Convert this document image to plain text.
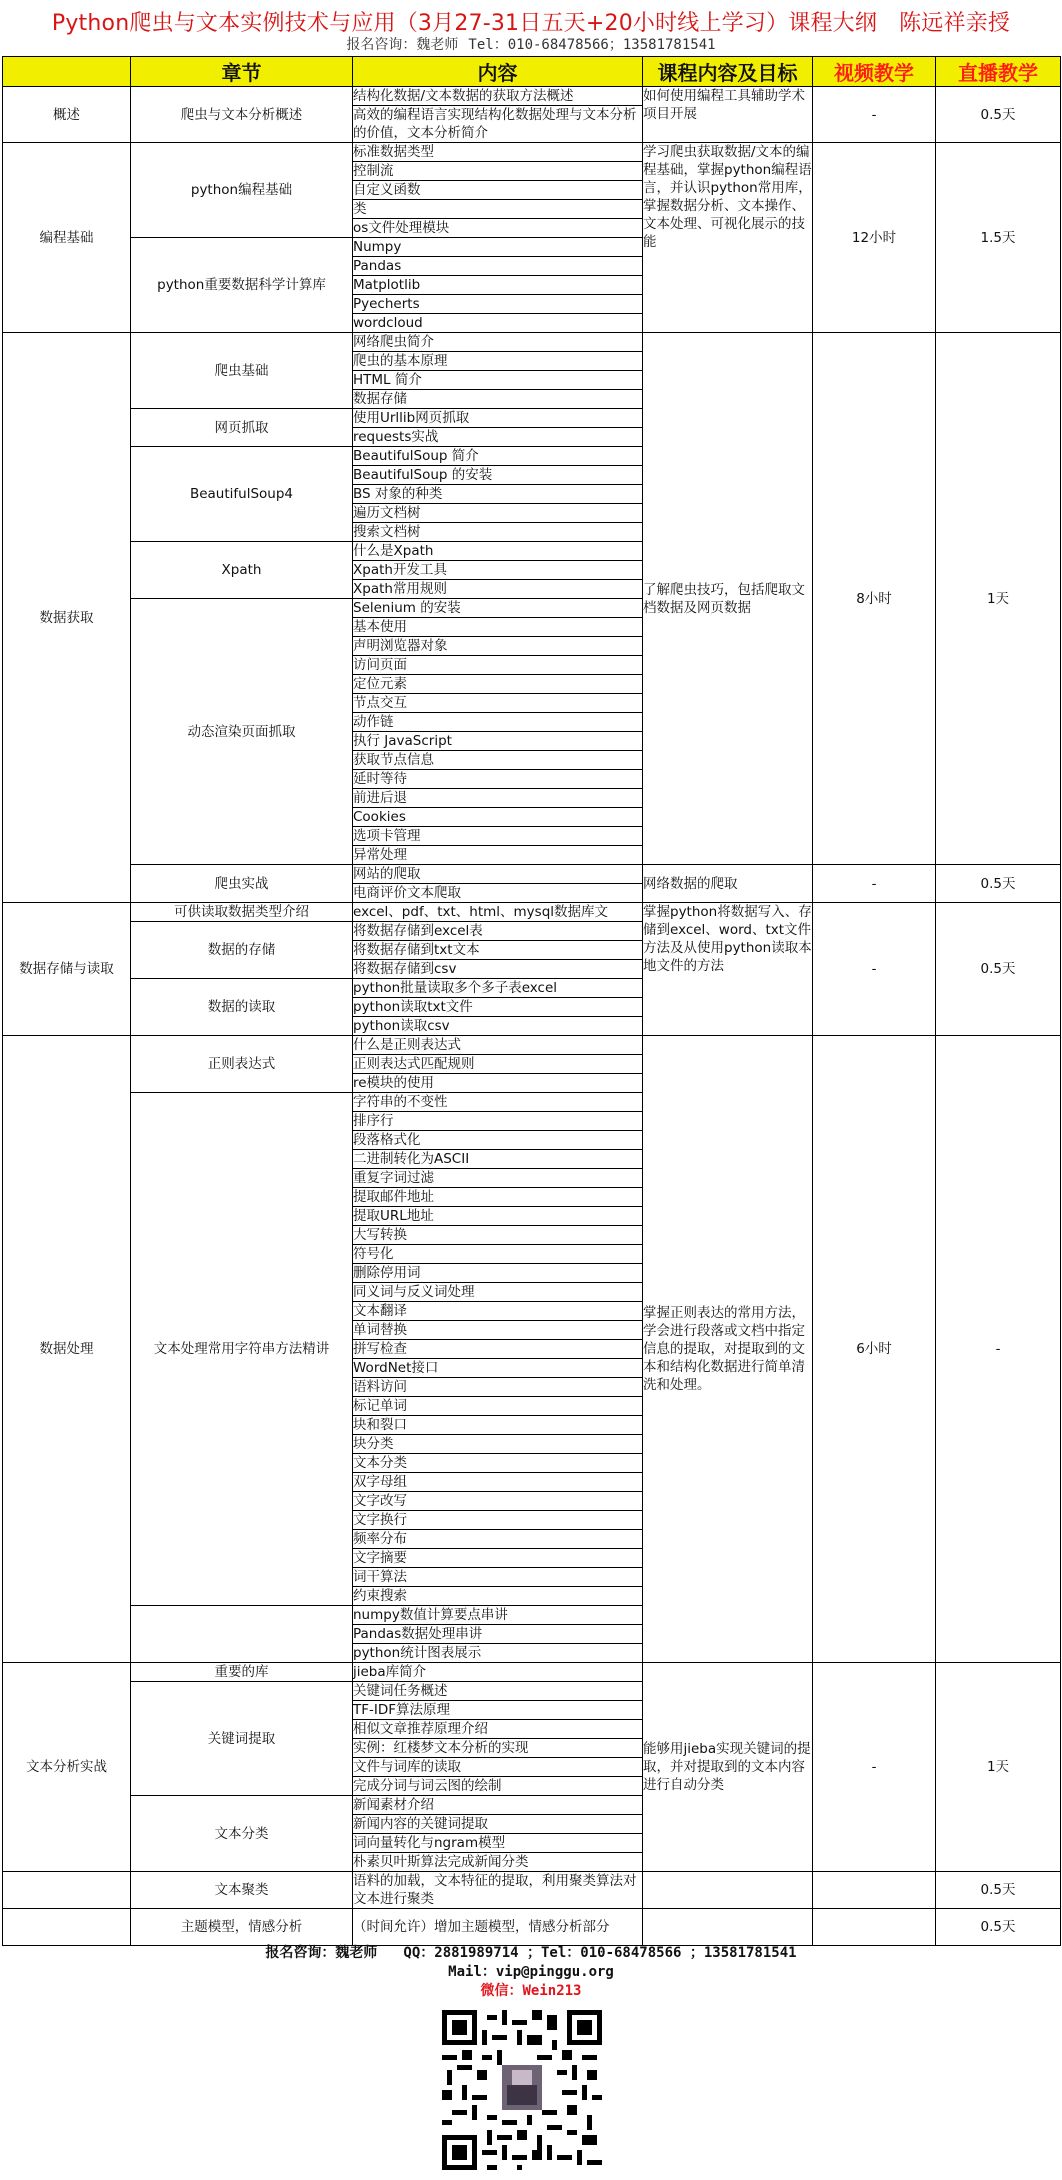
Python爬虫与文本实例技术与应用（3月27-31日五天+20小时线上学习）课程大纲 陈远祥亲授
报名咨询：魏老师 Tel：010-68478566；13581781541
	章节	内容	课程内容及目标	视频教学	直播教学
概述	爬虫与文本分析概述	结构化数据/文本数据的获取方法概述	如何使用编程工具辅助学术项目开展	-	0.5天
		高效的编程语言实现结构化数据处理与文本分析的价值，文本分析简介			
编程基础	python编程基础	标准数据类型	学习爬虫获取数据/文本的编程基础，掌握python编程语言，并认识python常用库，掌握数据分析、文本操作、文本处理、可视化展示的技能	12小时	1.5天
		控制流			
		自定义函数			
		类			
		os文件处理模块			
	python重要数据科学计算库	Numpy			
		Pandas			
		Matplotlib			
		Pyecherts			
		wordcloud			
数据获取	爬虫基础	网络爬虫简介	了解爬虫技巧，包括爬取文档数据及网页数据	8小时	1天
		爬虫的基本原理			
		HTML 简介			
		数据存储			
	网页抓取	使用Urllib网页抓取			
		requests实战			
	BeautifulSoup4	BeautifulSoup 简介			
		BeautifulSoup 的安装			
		BS 对象的种类			
		遍历文档树			
		搜索文档树			
	Xpath	什么是Xpath			
		Xpath开发工具			
		Xpath常用规则			
	动态渲染页面抓取	Selenium 的安装			
		基本使用			
		声明浏览器对象			
		访问页面			
		定位元素			
		节点交互			
		动作链			
		执行 JavaScript			
		获取节点信息			
		延时等待			
		前进后退			
		Cookies			
		选项卡管理			
		异常处理			
	爬虫实战	网站的爬取	网络数据的爬取	-	0.5天
		电商评价文本爬取			
数据存储与读取	可供读取数据类型介绍	excel、pdf、txt、html、mysql数据库文	掌握python将数据写入、存储到excel、word、txt文件方法及从使用python读取本地文件的方法	-	0.5天
	数据的存储	将数据存储到excel表			
		将数据存储到txt文本			
		将数据存储到csv			
	数据的读取	python批量读取多个多子表excel			
		python读取txt文件			
		python读取csv			
数据处理	正则表达式	什么是正则表达式	掌握正则表达的常用方法，学会进行段落或文档中指定信息的提取，对提取到的文本和结构化数据进行简单清洗和处理。	6小时	-
		正则表达式匹配规则			
		re模块的使用			
	文本处理常用字符串方法精讲	字符串的不变性			
		排序行			
		段落格式化			
		二进制转化为ASCII			
		重复字词过滤			
		提取邮件地址			
		提取URL地址			
		大写转换			
		符号化			
		删除停用词			
		同义词与反义词处理			
		文本翻译			
		单词替换			
		拼写检查			
		WordNet接口			
		语料访问			
		标记单词			
		块和裂口			
		块分类			
		文本分类			
		双字母组			
		文字改写			
		文字换行			
		频率分布			
		文字摘要			
		词干算法			
		约束搜索			
		numpy数值计算要点串讲			
		Pandas数据处理串讲			
		python统计图表展示			
文本分析实战	重要的库	jieba库简介	能够用jieba实现关键词的提取，并对提取到的文本内容进行自动分类	-	1天
	关键词提取	关键词任务概述			
		TF-IDF算法原理			
		相似文章推荐原理介绍			
		实例：红楼梦文本分析的实现			
		文件与词库的读取			
		完成分词与词云图的绘制			
	文本分类	新闻素材介绍			
		新闻内容的关键词提取			
		词向量转化与ngram模型			
		朴素贝叶斯算法完成新闻分类			
	文本聚类	语料的加载，文本特征的提取，利用聚类算法对文本进行聚类			0.5天
	主题模型，情感分析	（时间允许）增加主题模型，情感分析部分			0.5天
报名咨询：魏老师 QQ：2881989714 ；Tel：010-68478566 ；13581781541
Mail：vip@pinggu.org
微信：Wein213
